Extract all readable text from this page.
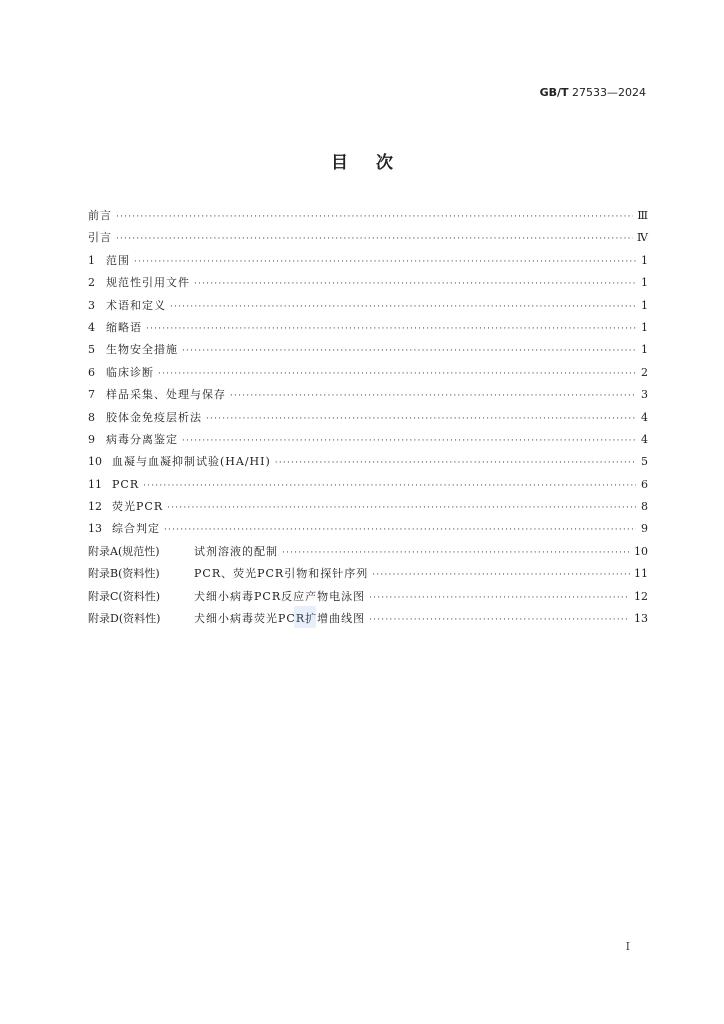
GB/T 27533—2024
目次
前言 ·····	Ⅲ
引言 ·····	Ⅳ
1	范围 ·····	1
2	规范性引用文件 ·····	1
3	术语和定义 ·····	1
4	缩略语 ·····	1
5	生物安全措施 ·····	1
6	临床诊断 ·····	2
7	样品采集、处理与保存 ·····	3
8	胶体金免疫层析法 ·····	4
9	病毒分离鉴定 ·····	4
10 血凝与血凝抑制试验(HA/HI) ·····	5
11 PCR ·····	6
12 荧光PCR ·····	8
13 综合判定 ·····	9
附录A(规范性)	试剂溶液的配制 ·····	10
附录B(资料性)	PCR、荧光PCR引物和探针序列 ·····	11
附录C(资料性)	犬细小病毒PCR反应产物电泳图 ·····	12
附录D(资料性)	犬细小病毒荧光PCR扩增曲线图 ·····	13
I
